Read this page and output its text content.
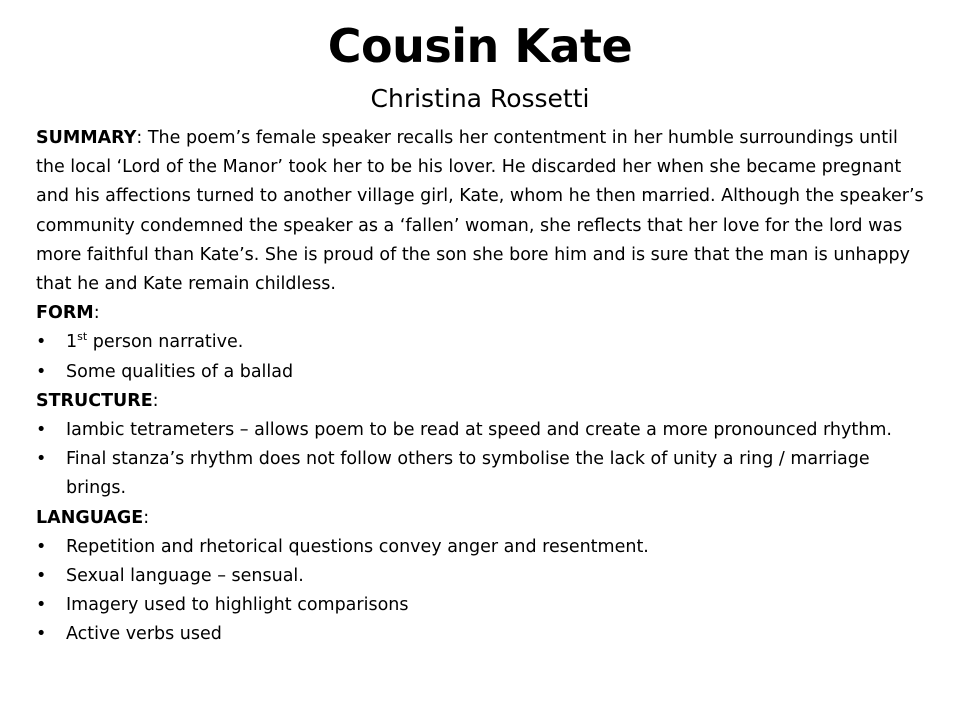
Cousin Kate
Christina Rossetti

SUMMARY: The poem’s female speaker recalls her contentment in her humble surroundings until the local ‘Lord of the Manor’ took her to be his lover. He discarded her when she became pregnant and his affections turned to another village girl, Kate, whom he then married. Although the speaker’s community condemned the speaker as a ‘fallen’ woman, she reflects that her love for the lord was more faithful than Kate’s. She is proud of the son she bore him and is sure that the man is unhappy that he and Kate remain childless.

FORM:

• 1st person narrative.
• Some qualities of a ballad

STRUCTURE:

• Iambic tetrameters – allows poem to be read at speed and create a more pronounced rhythm.
• Final stanza’s rhythm does not follow others to symbolise the lack of unity a ring / marriage brings.

LANGUAGE:

• Repetition and rhetorical questions convey anger and resentment.
• Sexual language – sensual.
• Imagery used to highlight comparisons
• Active verbs used
